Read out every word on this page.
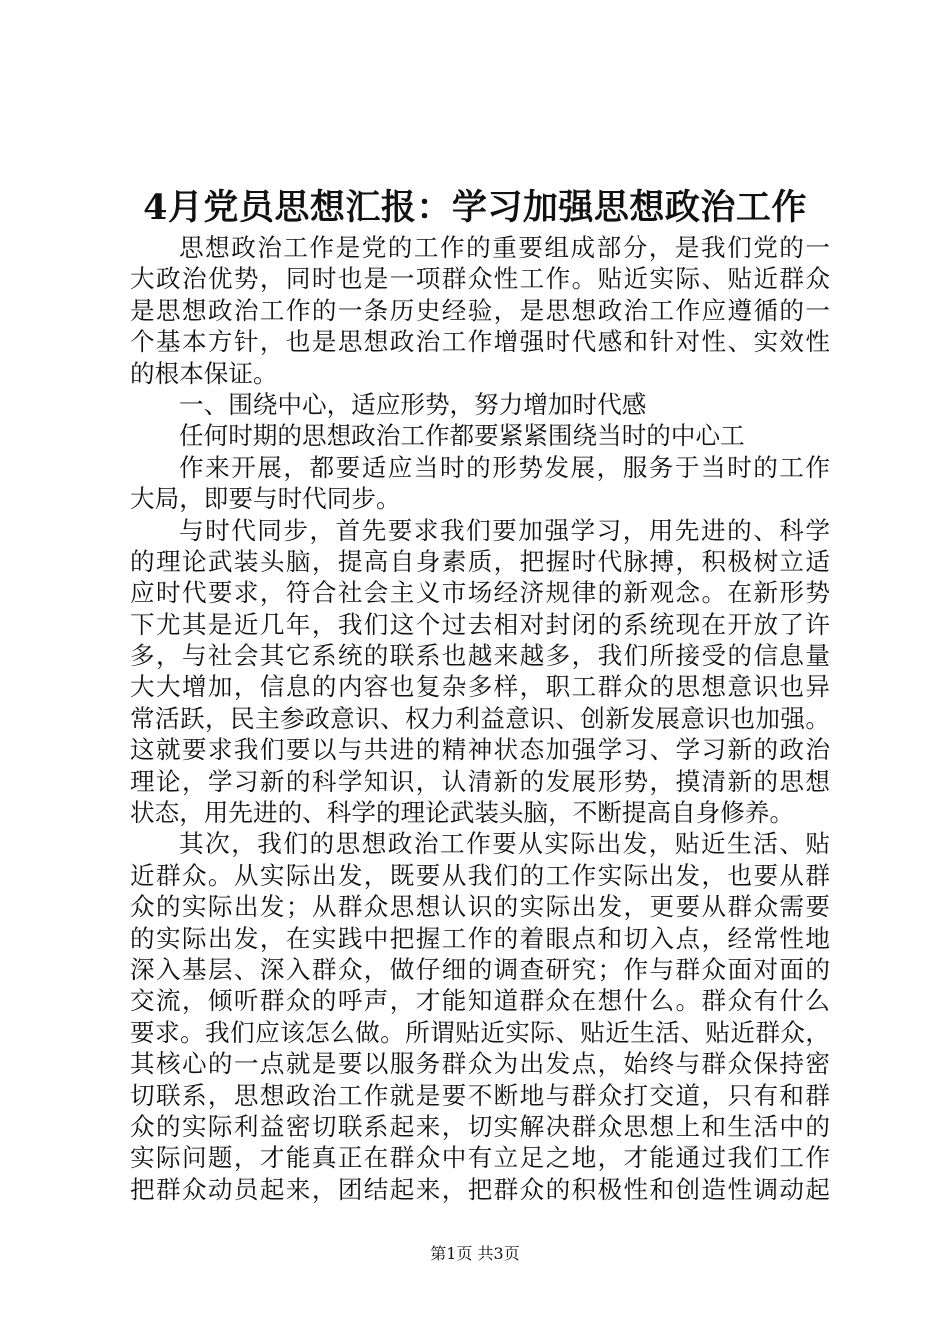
4月党员思想汇报：学习加强思想政治工作
思想政治工作是党的工作的重要组成部分，是我们党的一
大政治优势，同时也是一项群众性工作。贴近实际、贴近群众
是思想政治工作的一条历史经验，是思想政治工作应遵循的一
个基本方针，也是思想政治工作增强时代感和针对性、实效性
的根本保证。
一、围绕中心，适应形势，努力增加时代感
任何时期的思想政治工作都要紧紧围绕当时的中心工
作来开展，都要适应当时的形势发展，服务于当时的工作
大局，即要与时代同步。
与时代同步，首先要求我们要加强学习，用先进的、科学
的理论武装头脑，提高自身素质，把握时代脉搏，积极树立适
应时代要求，符合社会主义市场经济规律的新观念。在新形势
下尤其是近几年，我们这个过去相对封闭的系统现在开放了许
多，与社会其它系统的联系也越来越多，我们所接受的信息量
大大增加，信息的内容也复杂多样，职工群众的思想意识也异
常活跃，民主参政意识、权力利益意识、创新发展意识也加强。
这就要求我们要以与共进的精神状态加强学习、学习新的政治
理论，学习新的科学知识，认清新的发展形势，摸清新的思想
状态，用先进的、科学的理论武装头脑，不断提高自身修养。
其次，我们的思想政治工作要从实际出发，贴近生活、贴
近群众。从实际出发，既要从我们的工作实际出发，也要从群
众的实际出发；从群众思想认识的实际出发，更要从群众需要
的实际出发，在实践中把握工作的着眼点和切入点，经常性地
深入基层、深入群众，做仔细的调查研究；作与群众面对面的
交流，倾听群众的呼声，才能知道群众在想什么。群众有什么
要求。我们应该怎么做。所谓贴近实际、贴近生活、贴近群众，
其核心的一点就是要以服务群众为出发点，始终与群众保持密
切联系，思想政治工作就是要不断地与群众打交道，只有和群
众的实际利益密切联系起来，切实解决群众思想上和生活中的
实际问题，才能真正在群众中有立足之地，才能通过我们工作
把群众动员起来，团结起来，把群众的积极性和创造性调动起
第1页 共3页
